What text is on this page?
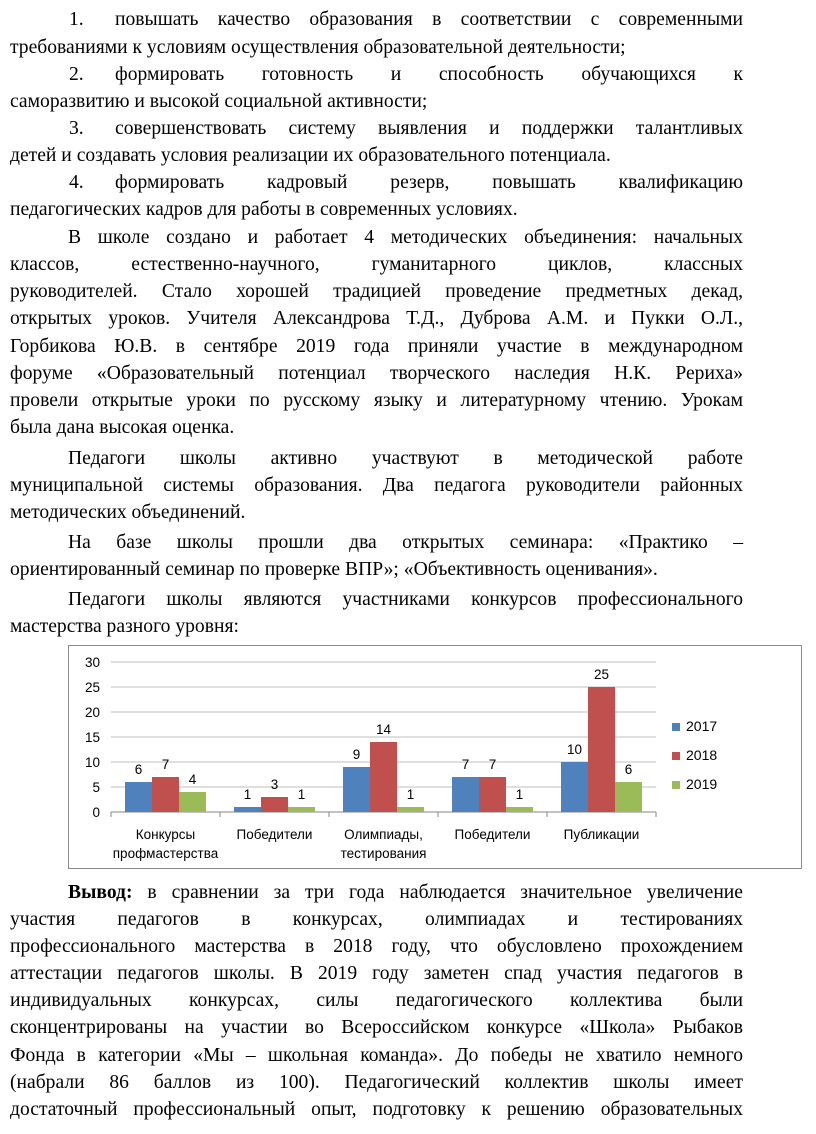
1. повышать качество образования в соответствии с современными
требованиями к условиям осуществления образовательной деятельности;
2. формировать готовность и способность обучающихся к
саморазвитию и высокой социальной активности;
3. совершенствовать систему выявления и поддержки талантливых
детей и создавать условия реализации их образовательного потенциала.
4. формировать кадровый резерв, повышать квалификацию
педагогических кадров для работы в современных условиях.
В школе создано и работает 4 методических объединения: начальных
классов, естественно-научного, гуманитарного циклов, классных
руководителей. Стало хорошей традицией проведение предметных декад,
открытых уроков. Учителя Александрова Т.Д., Дуброва А.М. и Пукки О.Л.,
Горбикова Ю.В. в сентябре 2019 года приняли участие в международном
форуме «Образовательный потенциал творческого наследия Н.К. Рериха»
провели открытые уроки по русскому языку и литературному чтению. Урокам
была дана высокая оценка.
Педагоги школы активно участвуют в методической работе
муниципальной системы образования. Два педагога руководители районных
методических объединений.
На базе школы прошли два открытых семинара: «Практико –
ориентированный семинар по проверке ВПР»; «Объективность оценивания».
Педагоги школы являются участниками конкурсов профессионального
мастерства разного уровня:
0
5
10
15
20
25
30
6 7
4
Конкурсы
профмастерства
1
3
1
Победители
9
14
1
Олимпиады,
тестирования
7 7
1
Победители
10
25
6
Публикации
2017
2018
2019
Вывод: в сравнении за три года наблюдается значительное увеличение
участия педагогов в конкурсах, олимпиадах и тестированиях
профессионального мастерства в 2018 году, что обусловлено прохождением
аттестации педагогов школы. В 2019 году заметен спад участия педагогов в
индивидуальных конкурсах, силы педагогического коллектива были
сконцентрированы на участии во Всероссийском конкурсе «Школа» Рыбаков
Фонда в категории «Мы – школьная команда». До победы не хватило немного
(набрали 86 баллов из 100). Педагогический коллектив школы имеет
достаточный профессиональный опыт, подготовку к решению образовательных
